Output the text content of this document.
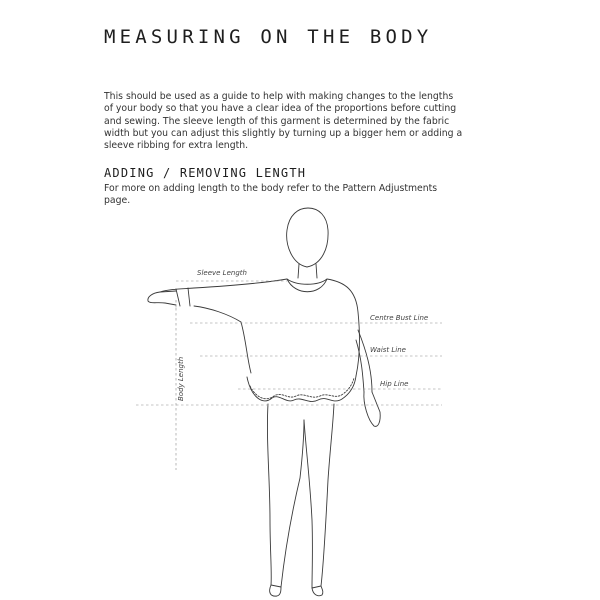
MEASURING ON THE BODY

This should be used as a guide to help with making changes to the lengths of your body so that you have a clear idea of the proportions before cutting and sewing. The sleeve length of this garment is determined by the fabric width but you can adjust this slightly by turning up a bigger hem or adding a sleeve ribbing for extra length.

ADDING / REMOVING LENGTH

For more on adding length to the body refer to the Pattern Adjustments page.

Sleeve Length
Centre Bust Line
Waist Line
Hip Line
Body Length
